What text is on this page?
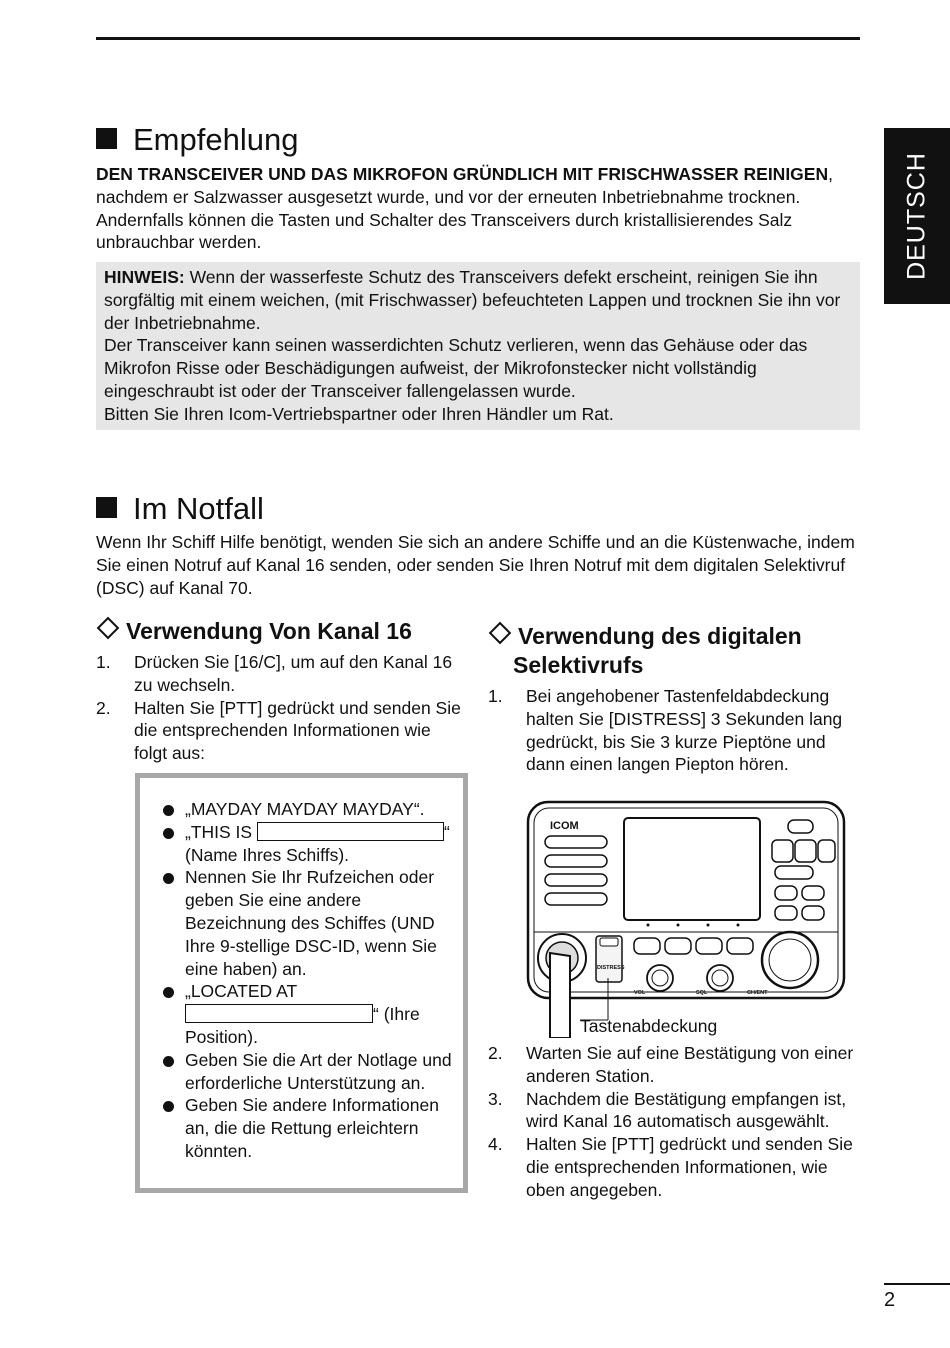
DEUTSCH
Empfehlung

DEN TRANSCEIVER UND DAS MIKROFON GRÜNDLICH MIT FRISCHWASSER REINIGEN, nachdem er Salzwasser ausgesetzt wurde, und vor der erneuten Inbetriebnahme trocknen. Andernfalls können die Tasten und Schalter des Transceivers durch kristallisierendes Salz unbrauchbar werden.

HINWEIS: Wenn der wasserfeste Schutz des Transceivers defekt erscheint, reinigen Sie ihn sorgfältig mit einem weichen, (mit Frischwasser) befeuchteten Lappen und trocknen Sie ihn vor der Inbetriebnahme.
Der Transceiver kann seinen wasserdichten Schutz verlieren, wenn das Gehäuse oder das Mikrofon Risse oder Beschädigungen aufweist, der Mikrofonstecker nicht vollständig eingeschraubt ist oder der Transceiver fallengelassen wurde.
Bitten Sie Ihren Icom-Vertriebspartner oder Ihren Händler um Rat.
Im Notfall

Wenn Ihr Schiff Hilfe benötigt, wenden Sie sich an andere Schiffe und an die Küstenwache, indem Sie einen Notruf auf Kanal 16 senden, oder senden Sie Ihren Notruf mit dem digitalen Selektivruf (DSC) auf Kanal 70.

Verwendung Von Kanal 16
1. Drücken Sie [16/C], um auf den Kanal 16 zu wechseln.
2. Halten Sie [PTT] gedrückt und senden Sie die entsprechenden Informationen wie folgt aus:
„MAYDAY MAYDAY MAYDAY“.
„THIS IS	“
(Name Ihres Schiffs).
Nennen Sie Ihr Rufzeichen oder geben Sie eine andere Bezeichnung des Schiffes (UND Ihre 9-stellige DSC-ID, wenn Sie eine haben) an.
„LOCATED AT
“ (Ihre
Position).
Geben Sie die Art der Notlage und erforderliche Unterstützung an.
Geben Sie andere Informationen an, die die Rettung erleichtern könnten.
Verwendung des digitalen
Selektivrufs
1. Bei angehobener Tastenfeldabdeckung halten Sie [DISTRESS] 3 Sekunden lang gedrückt, bis Sie 3 kurze Pieptöne und dann einen langen Piepton hören.
ICOM
DISTRESS
VOL	SQL	CH/ENT
Tastenabdeckung
2. Warten Sie auf eine Bestätigung von einer anderen Station.
3. Nachdem die Bestätigung empfangen ist, wird Kanal 16 automatisch ausgewählt.
4. Halten Sie [PTT] gedrückt und senden Sie die entsprechenden Informationen, wie oben angegeben.
2
